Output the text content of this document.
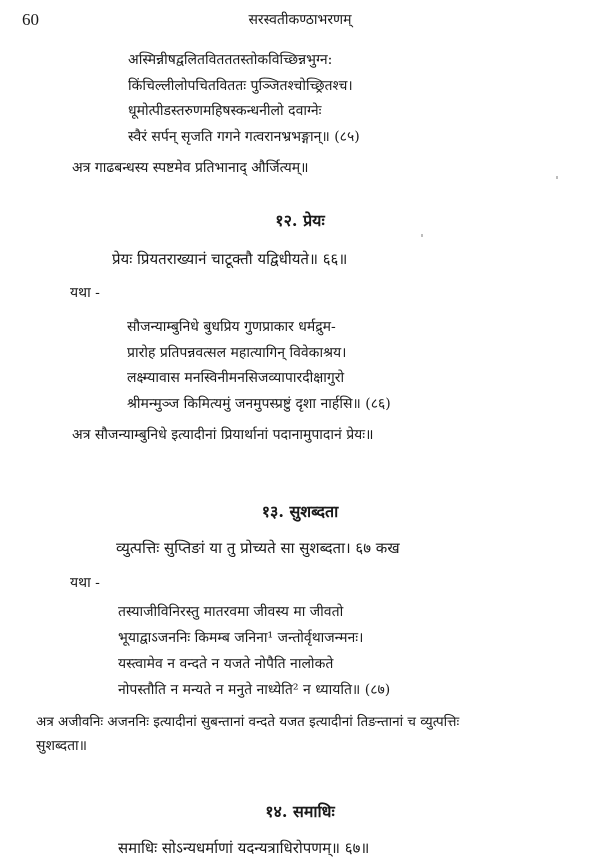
60	सरस्वतीकण्ठाभरणम्
अस्मिन्नीषद्वलितवितततस्तोकविच्छिन्नभुग्न:
किंचिल्लीलोपचितविततः पुञ्जितश्चोच्छ्रितश्च।
धूमोत्पीडस्तरुणमहिषस्कन्धनीलो दवाग्नेः
स्वैरं सर्पन् सृजति गगने गत्वरानभ्रभङ्गान्॥ (८५)
अत्र गाढबन्धस्य स्पष्टमेव प्रतिभानाद् और्जित्यम्॥
१२. प्रेयः
प्रेयः प्रियतराख्यानं चाटूक्तौ यद्विधीयते॥ ६६॥
यथा -
सौजन्याम्बुनिधे बुधप्रिय गुणप्राकार धर्मद्रुम-
प्रारोह प्रतिपन्नवत्सल महात्यागिन् विवेकाश्रय।
लक्ष्म्यावास मनस्विनीमनसिजव्यापारदीक्षागुरो
श्रीमन्मुञ्ज किमित्यमुं जनमुपस्प्रष्टुं दृशा नार्हसि॥ (८६)
अत्र सौजन्याम्बुनिधे इत्यादीनां प्रियार्थानां पदानामुपादानं प्रेयः॥
१३. सुशब्दता
व्युत्पत्तिः सुप्तिङां या तु प्रोच्यते सा सुशब्दता। ६७ कख
यथा -
तस्याजीविनिरस्तु मातरवमा जीवस्य मा जीवतो
भूयाद्वाऽजननिः किमम्ब जनिना¹ जन्तोर्वृथाजन्मनः।
यस्त्वामेव न वन्दते न यजते नोपैति नालोकते
नोपस्तौति न मन्यते न मनुते नाध्येति² न ध्यायति॥ (८७)
अत्र अजीवनिः अजननिः इत्यादीनां सुबन्तानां वन्दते यजत इत्यादीनां तिङन्तानां च व्युत्पत्तिः
सुशब्दता॥
१४. समाधिः
समाधिः सोऽन्यधर्माणां यदन्यत्राधिरोपणम्॥ ६७॥
